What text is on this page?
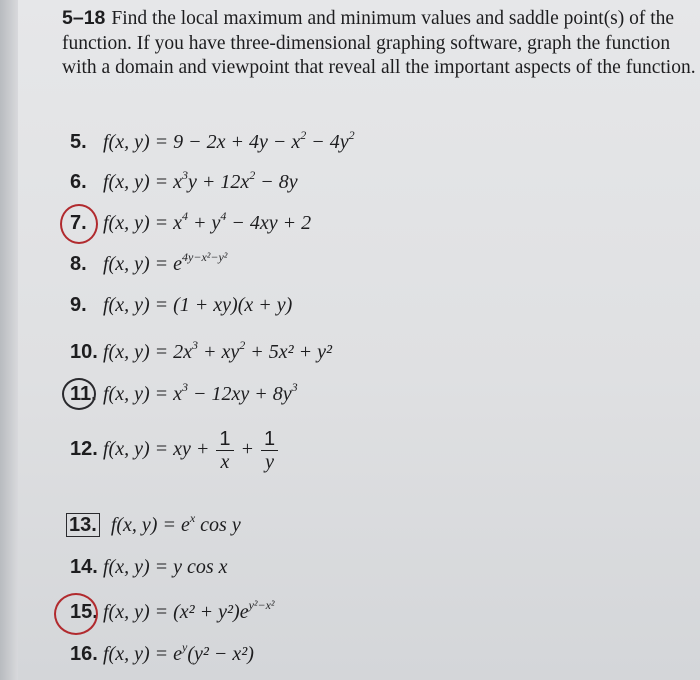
5–18 Find the local maximum and minimum values and saddle point(s) of the function. If you have three-dimensional graphing software, graph the function with a domain and viewpoint that reveal all the important aspects of the function.
5. f(x, $y) = 9 - 2x + 4y - x^2 - 4y^2$
6. f(x, $y) = x^3y + 12x^2 - 8y$
7. f(x, $y) = x^4 + y^4 - 4xy + 2$
8. f(x, $y) = e^{4y-x^2-y^2}$
9. f(x, y) = (1 + xy)(x + y)
10. f(x, $y) = 2x^3 + xy^2 + 5x^2 + y^2$
11. f(x, $y) = x^3 - 12xy + 8y^3$
12. f(x, y) = xy + $\frac{1}{x} + \frac{1}{y}$
13. f(x, $y) = e^x$ cos y
14. f(x, y) = y cos x
15. f(x, $y) = (x^2 + y^2)e^{y^2-x^2}$
16. f(x, $y) = e^y(y^2 - x^2)$
